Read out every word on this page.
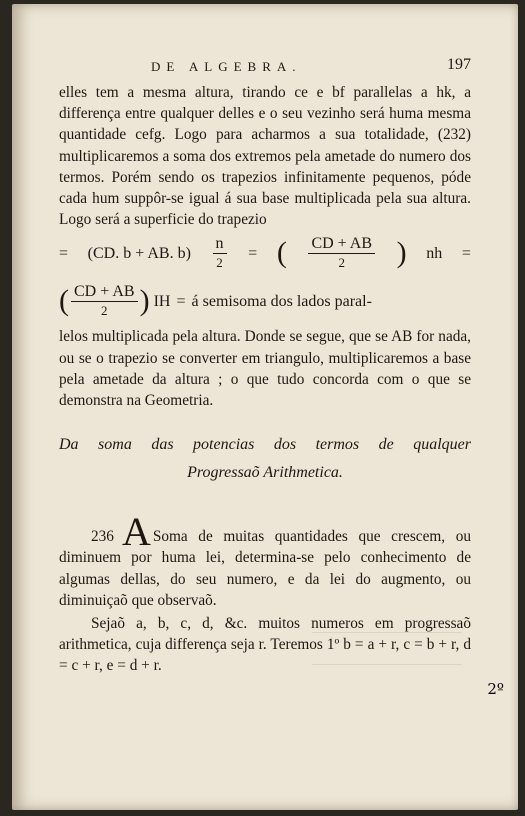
DE ALGEBRA.	197

elles tem a mesma altura, tirando ce e bf parallelas a hk, a differença entre qualquer delles e o seu vezinho será huma mesma quantidade cefg. Logo para acharmos a sua totalidade, (232) multiplicaremos a soma dos extremos pela ametade do numero dos termos. Porém sendo os trapezios infinitamente pequenos, póde cada hum suppôr-se igual á sua base multiplicada pela sua altura. Logo será a superficie do trapezio

= (CD. b + AB. $b) \frac{n}{2}$ = ( $\frac{CD + AB}{2}$ ) nh =
( $\frac{CD + AB}{2}$ ) IH = á semisoma dos lados paral-

lelos multiplicada pela altura. Donde se segue, que se AB for nada, ou se o trapezio se converter em triangulo, multiplicaremos a base pela ametade da altura ; o que tudo concorda com o que se demonstra na Geometria.

Da soma das potencias dos termos de qualquer
Progressaõ Arithmetica.

236 A Soma de muitas quantidades que crescem, ou diminuem por huma lei, determina-se pelo conhecimento de algumas dellas, do seu numero, e da lei do augmento, ou diminuiçaõ que observaõ.

Sejaõ a, b, c, d, &c. muitos numeros em progressaõ arithmetica, cuja differença seja r. Teremos 1º b = a + r, c = b + r, d = c + r, e = d + r.

2º
